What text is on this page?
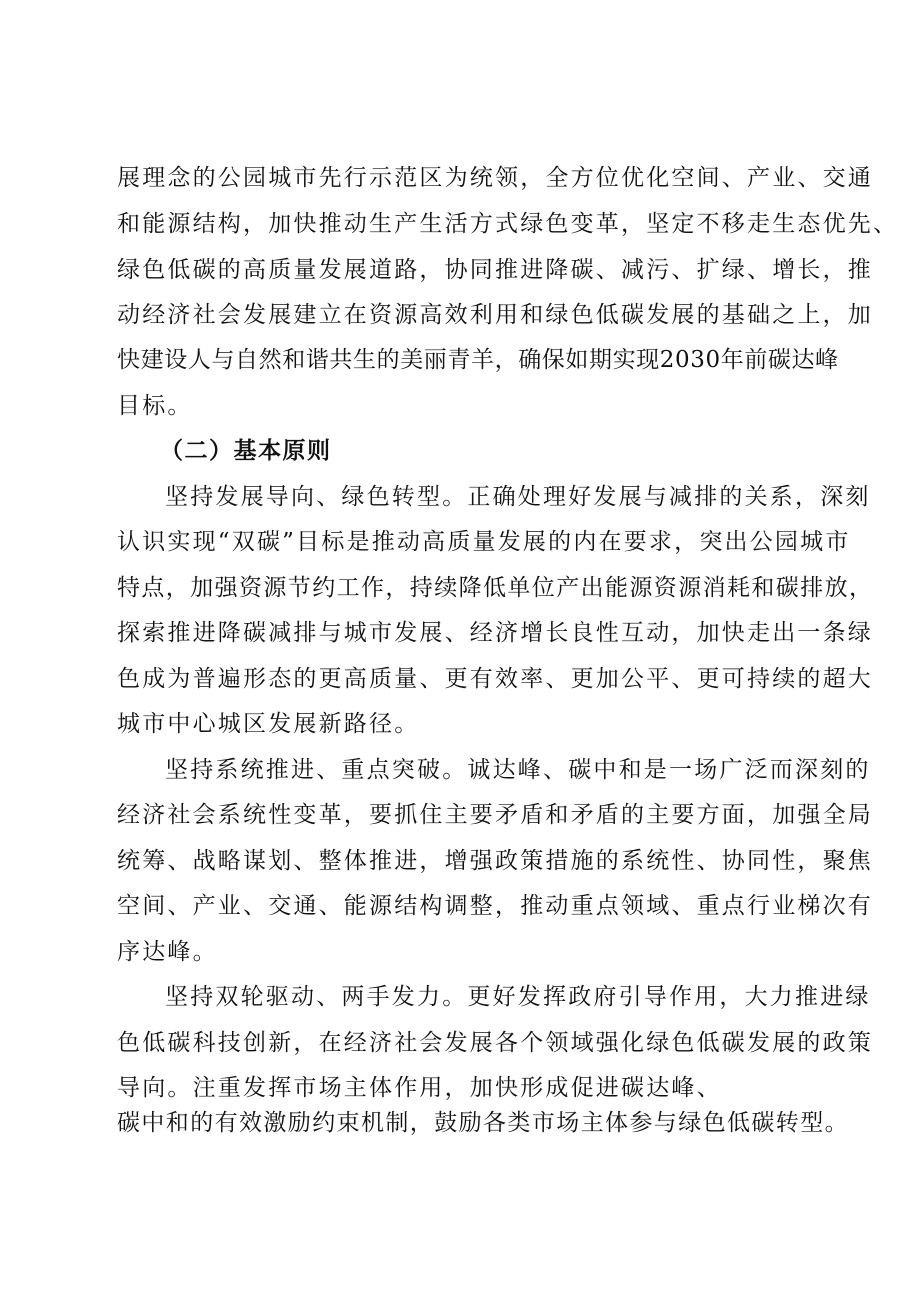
展理念的公园城市先行示范区为统领，全方位优化空间、产业、交通
和能源结构，加快推动生产生活方式绿色变革，坚定不移走生态优先、
绿色低碳的高质量发展道路，协同推进降碳、减污、扩绿、增长，推
动经济社会发展建立在资源高效利用和绿色低碳发展的基础之上，加
快建设人与自然和谐共生的美丽青羊，确保如期实现2030年前碳达峰
目标。
（二）基本原则
坚持发展导向、绿色转型。正确处理好发展与减排的关系，深刻
认识实现“双碳”目标是推动高质量发展的内在要求，突出公园城市
特点，加强资源节约工作，持续降低单位产出能源资源消耗和碳排放，
探索推进降碳减排与城市发展、经济增长良性互动，加快走出一条绿
色成为普遍形态的更高质量、更有效率、更加公平、更可持续的超大
城市中心城区发展新路径。
坚持系统推进、重点突破。诚达峰、碳中和是一场广泛而深刻的
经济社会系统性变革，要抓住主要矛盾和矛盾的主要方面，加强全局
统筹、战略谋划、整体推进，增强政策措施的系统性、协同性，聚焦
空间、产业、交通、能源结构调整，推动重点领域、重点行业梯次有
序达峰。
坚持双轮驱动、两手发力。更好发挥政府引导作用，大力推进绿
色低碳科技创新，在经济社会发展各个领域强化绿色低碳发展的政策
导向。注重发挥市场主体作用，加快形成促进碳达峰、
碳中和的有效激励约束机制，鼓励各类市场主体参与绿色低碳转型。
